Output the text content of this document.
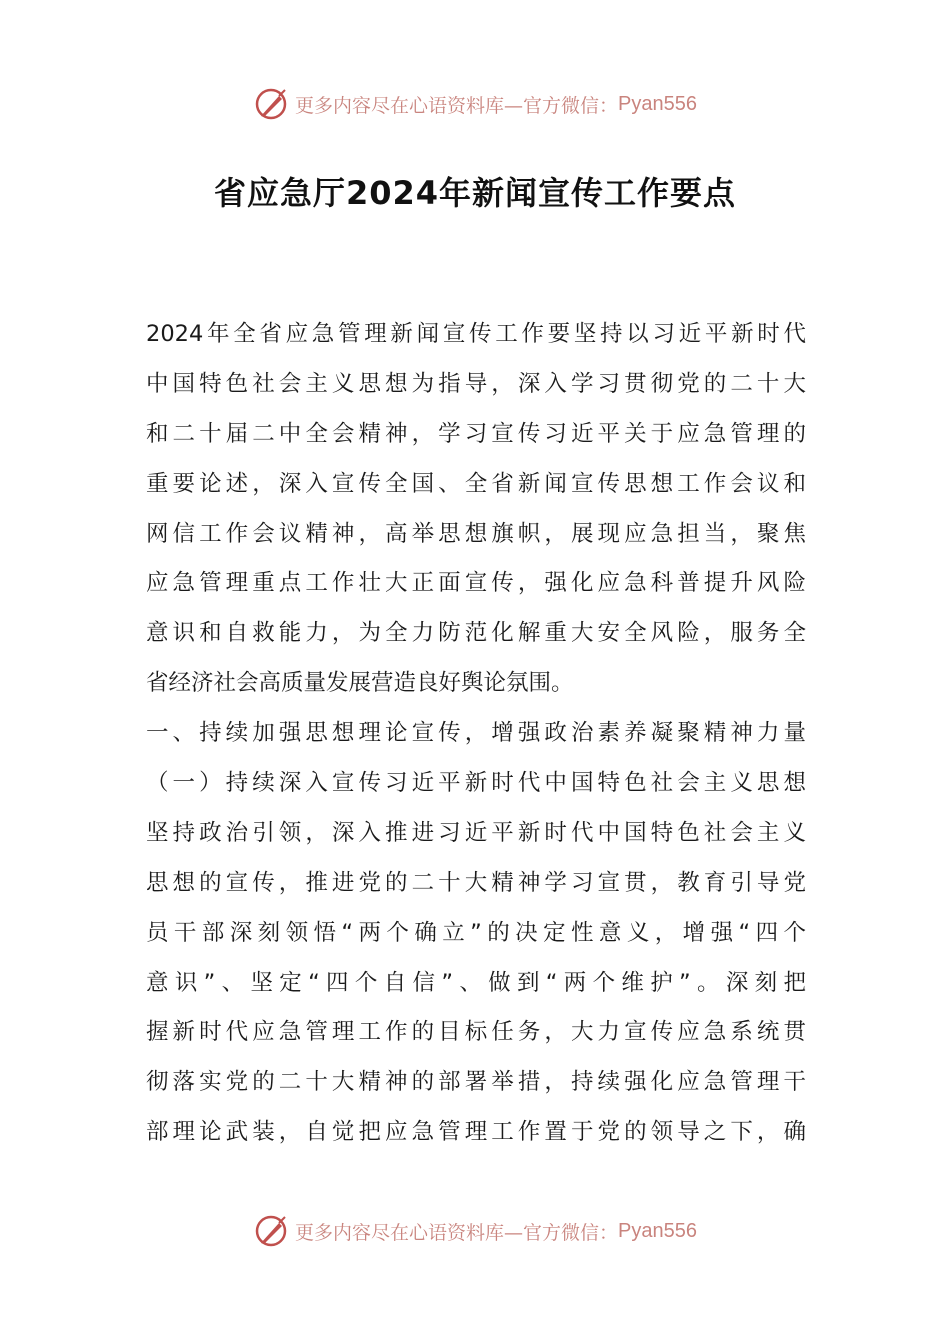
更多内容尽在心语资料库—官方微信： Pyan556
省应急厅2024年新闻宣传工作要点
2024年全省应急管理新闻宣传工作要坚持以习近平新时代
中国特色社会主义思想为指导，深入学习贯彻党的二十大
和二十届二中全会精神，学习宣传习近平关于应急管理的
重要论述，深入宣传全国、全省新闻宣传思想工作会议和
网信工作会议精神，高举思想旗帜，展现应急担当，聚焦
应急管理重点工作壮大正面宣传，强化应急科普提升风险
意识和自救能力，为全力防范化解重大安全风险，服务全
省经济社会高质量发展营造良好舆论氛围。
一、持续加强思想理论宣传，增强政治素养凝聚精神力量
（一）持续深入宣传习近平新时代中国特色社会主义思想
坚持政治引领，深入推进习近平新时代中国特色社会主义
思想的宣传，推进党的二十大精神学习宣贯，教育引导党
员干部深刻领悟“两个确立”的决定性意义，增强“四个
意识”、坚定“四个自信”、做到“两个维护”。深刻把
握新时代应急管理工作的目标任务，大力宣传应急系统贯
彻落实党的二十大精神的部署举措，持续强化应急管理干
部理论武装，自觉把应急管理工作置于党的领导之下，确
更多内容尽在心语资料库—官方微信： Pyan556
